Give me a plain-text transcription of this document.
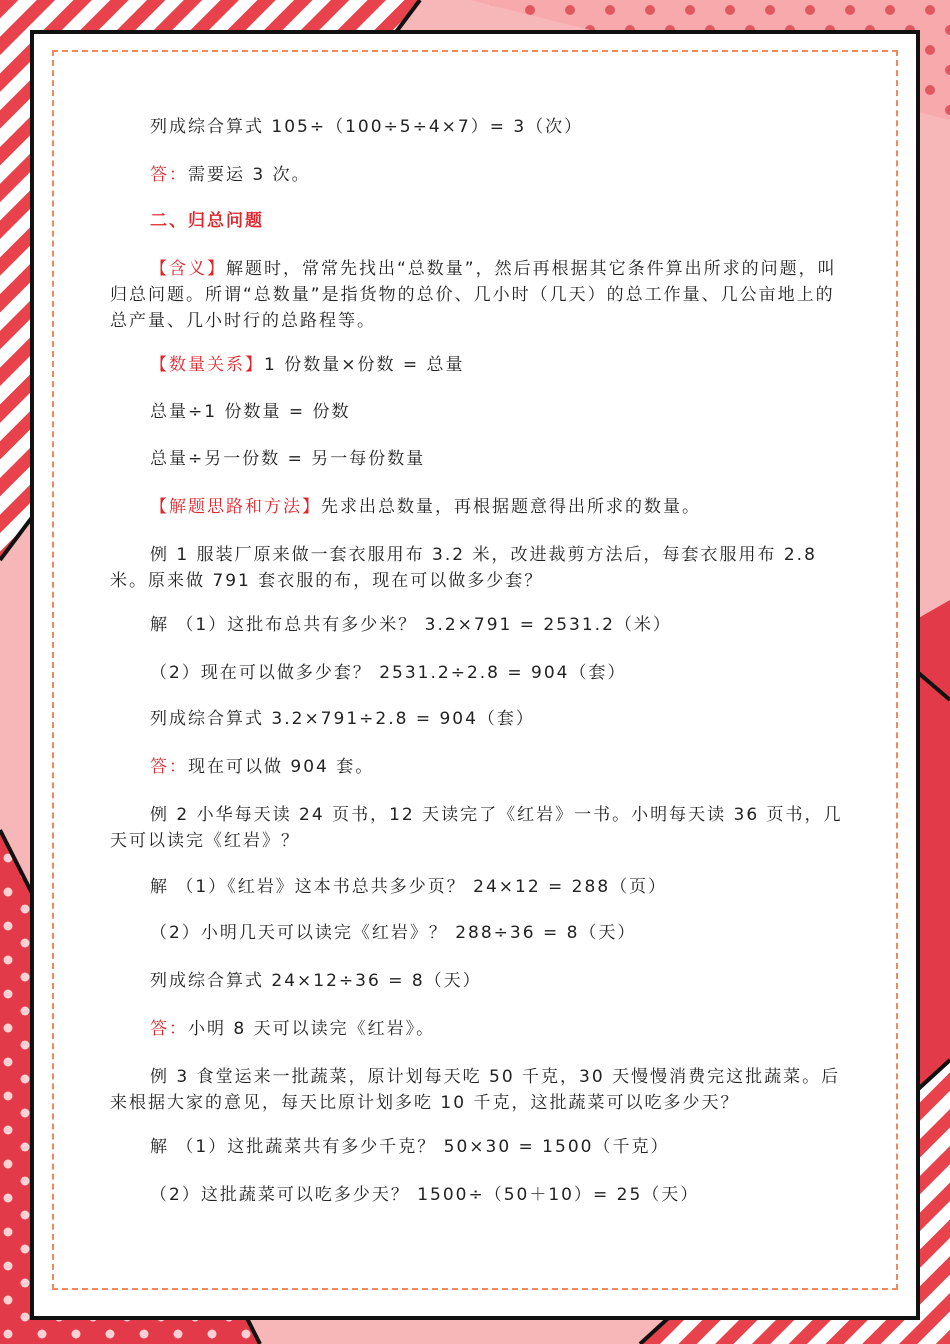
列成综合算式 105÷（100÷5÷4×7）= 3（次）

答：需要运 3 次。

二、归总问题

【含义】解题时，常常先找出“总数量”，然后再根据其它条件算出所求的问题，叫归总问题。所谓“总数量”是指货物的总价、几小时（几天）的总工作量、几公亩地上的总产量、几小时行的总路程等。

【数量关系】1 份数量×份数 = 总量

总量÷1 份数量 = 份数

总量÷另一份数 = 另一每份数量

【解题思路和方法】先求出总数量，再根据题意得出所求的数量。

例 1 服装厂原来做一套衣服用布 3.2 米，改进裁剪方法后，每套衣服用布 2.8 米。原来做 791 套衣服的布，现在可以做多少套？

解 （1）这批布总共有多少米？ 3.2×791 = 2531.2（米）

（2）现在可以做多少套？ 2531.2÷2.8 = 904（套）

列成综合算式 3.2×791÷2.8 = 904（套）

答：现在可以做 904 套。

例 2 小华每天读 24 页书，12 天读完了《红岩》一书。小明每天读 36 页书，几天可以读完《红岩》？

解 （1）《红岩》这本书总共多少页？ 24×12 = 288（页）

（2）小明几天可以读完《红岩》？ 288÷36 = 8（天）

列成综合算式 24×12÷36 = 8（天）

答：小明 8 天可以读完《红岩》。

例 3 食堂运来一批蔬菜，原计划每天吃 50 千克，30 天慢慢消费完这批蔬菜。后来根据大家的意见，每天比原计划多吃 10 千克，这批蔬菜可以吃多少天？

解 （1）这批蔬菜共有多少千克？ 50×30 = 1500（千克）

（2）这批蔬菜可以吃多少天？ 1500÷（50＋10）= 25（天）
